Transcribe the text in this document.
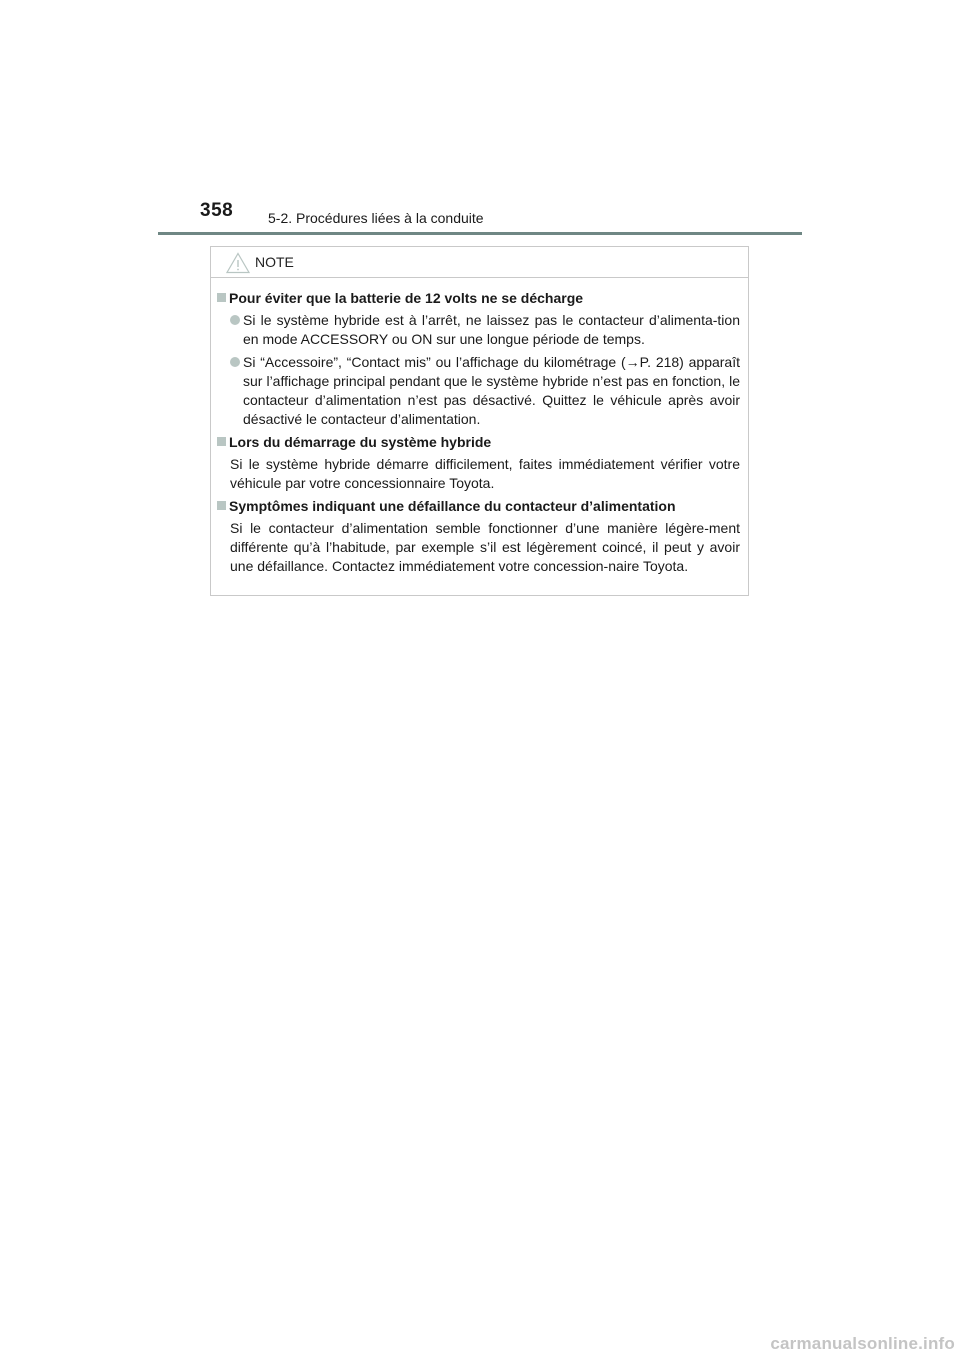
358 5-2. Procédures liées à la conduite
NOTE
Pour éviter que la batterie de 12 volts ne se décharge
Si le système hybride est à l’arrêt, ne laissez pas le contacteur d’alimenta-tion en mode ACCESSORY ou ON sur une longue période de temps.
Si “Accessoire”, “Contact mis” ou l’affichage du kilométrage (→P. 218) apparaît sur l’affichage principal pendant que le système hybride n’est pas en fonction, le contacteur d’alimentation n’est pas désactivé. Quittez le véhicule après avoir désactivé le contacteur d’alimentation.
Lors du démarrage du système hybride
Si le système hybride démarre difficilement, faites immédiatement vérifier votre véhicule par votre concessionnaire Toyota.
Symptômes indiquant une défaillance du contacteur d’alimentation
Si le contacteur d’alimentation semble fonctionner d’une manière légère-ment différente qu’à l’habitude, par exemple s’il est légèrement coincé, il peut y avoir une défaillance. Contactez immédiatement votre concession-naire Toyota.
carmanualsonline.info
